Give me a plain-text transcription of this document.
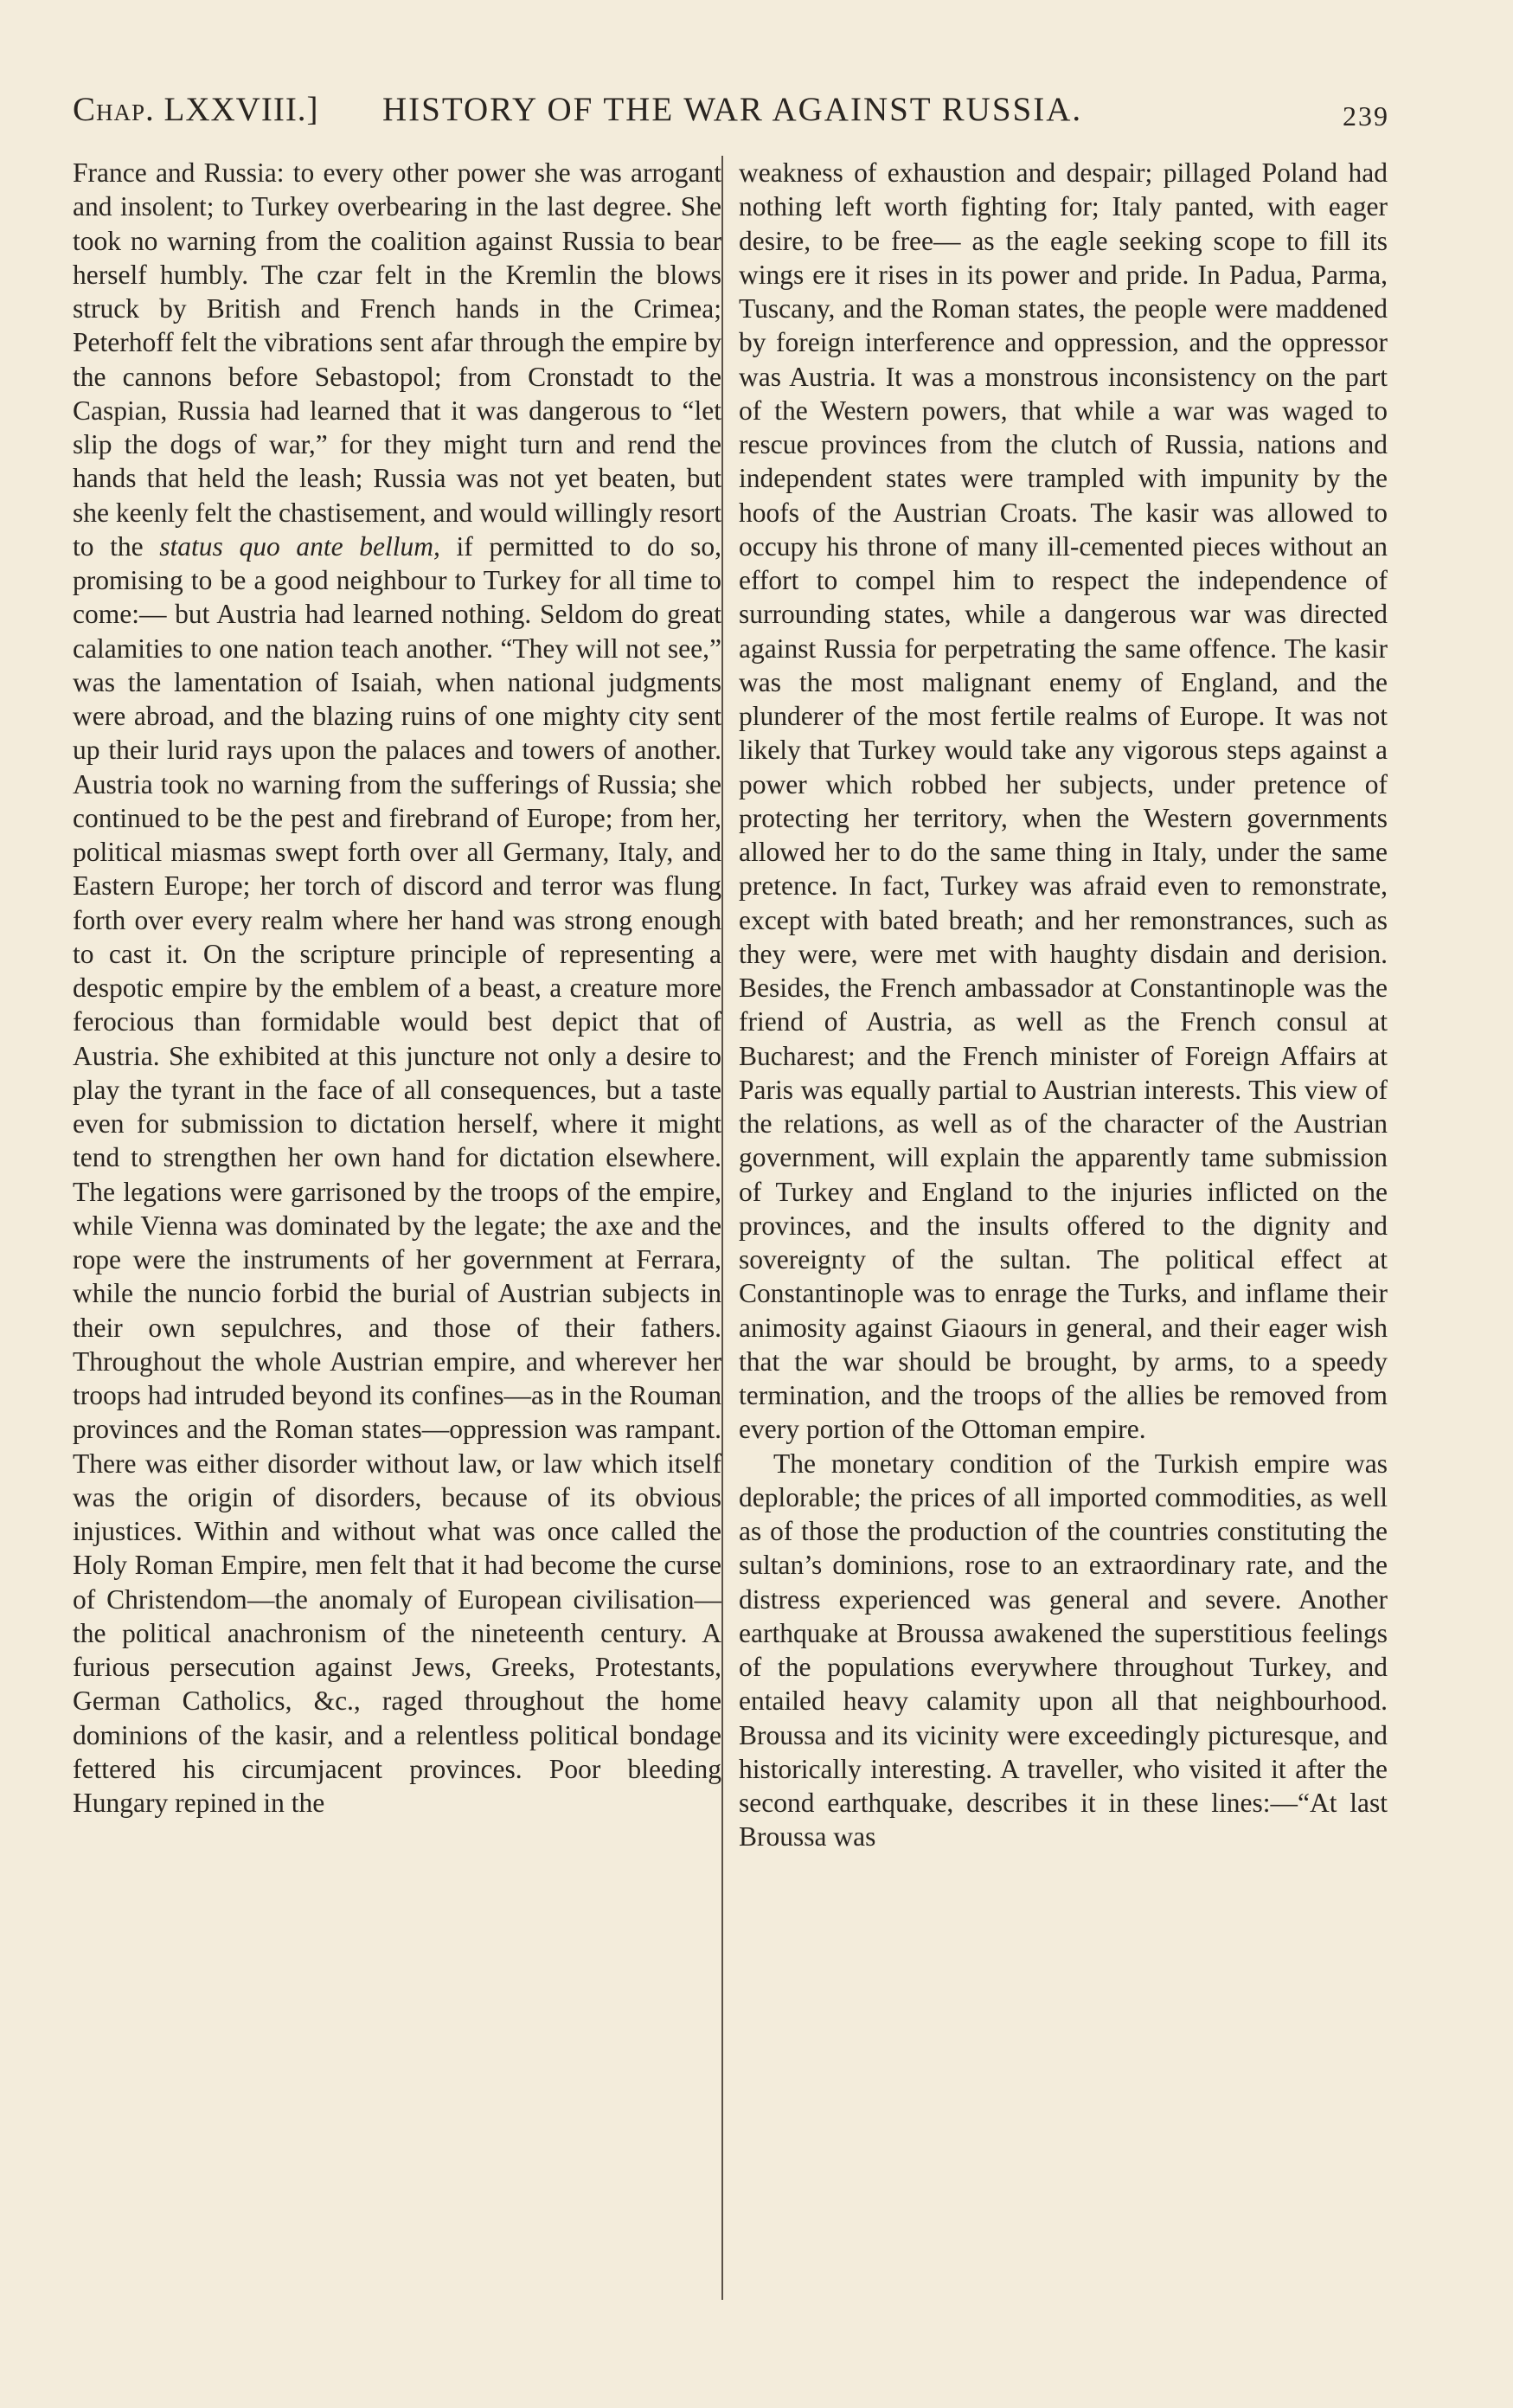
Chap. LXXVIII.] HISTORY OF THE WAR AGAINST RUSSIA.	239

France and Russia: to every other power she was arrogant and insolent; to Turkey overbearing in the last degree. She took no warning from the coalition against Russia to bear herself humbly. The czar felt in the Kremlin the blows struck by British and French hands in the Crimea; Peterhoff felt the vibrations sent afar through the empire by the cannons before Sebastopol; from Cronstadt to the Caspian, Russia had learned that it was dangerous to “let slip the dogs of war,” for they might turn and rend the hands that held the leash; Russia was not yet beaten, but she keenly felt the chastisement, and would willingly resort to the status quo ante bellum, if permitted to do so, promising to be a good neighbour to Turkey for all time to come:— but Austria had learned nothing. Seldom do great calamities to one nation teach another. “They will not see,” was the lamentation of Isaiah, when national judgments were abroad, and the blazing ruins of one mighty city sent up their lurid rays upon the palaces and towers of another. Austria took no warning from the sufferings of Russia; she continued to be the pest and firebrand of Europe; from her, political miasmas swept forth over all Germany, Italy, and Eastern Europe; her torch of discord and terror was flung forth over every realm where her hand was strong enough to cast it. On the scripture principle of representing a despotic empire by the emblem of a beast, a creature more ferocious than formidable would best depict that of Austria. She exhibited at this juncture not only a desire to play the tyrant in the face of all consequences, but a taste even for submission to dictation herself, where it might tend to strengthen her own hand for dictation elsewhere. The legations were garrisoned by the troops of the empire, while Vienna was dominated by the legate; the axe and the rope were the instruments of her government at Ferrara, while the nuncio forbid the burial of Austrian subjects in their own sepulchres, and those of their fathers. Throughout the whole Austrian empire, and wherever her troops had intruded beyond its confines—as in the Rouman provinces and the Roman states—oppression was rampant. There was either disorder without law, or law which itself was the origin of disorders, because of its obvious injustices. Within and without what was once called the Holy Roman Empire, men felt that it had become the curse of Christendom—the anomaly of European civilisation—the political anachronism of the nineteenth century. A furious persecution against Jews, Greeks, Protestants, German Catholics, &c., raged throughout the home dominions of the kasir, and a relentless political bondage fettered his circumjacent provinces. Poor bleeding Hungary repined in the

weakness of exhaustion and despair; pillaged Poland had nothing left worth fighting for; Italy panted, with eager desire, to be free— as the eagle seeking scope to fill its wings ere it rises in its power and pride. In Padua, Parma, Tuscany, and the Roman states, the people were maddened by foreign interference and oppression, and the oppressor was Austria. It was a monstrous inconsistency on the part of the Western powers, that while a war was waged to rescue provinces from the clutch of Russia, nations and independent states were trampled with impunity by the hoofs of the Austrian Croats. The kasir was allowed to occupy his throne of many ill-cemented pieces without an effort to compel him to respect the independence of surrounding states, while a dangerous war was directed against Russia for perpetrating the same offence. The kasir was the most malignant enemy of England, and the plunderer of the most fertile realms of Europe. It was not likely that Turkey would take any vigorous steps against a power which robbed her subjects, under pretence of protecting her territory, when the Western governments allowed her to do the same thing in Italy, under the same pretence. In fact, Turkey was afraid even to remonstrate, except with bated breath; and her remonstrances, such as they were, were met with haughty disdain and derision. Besides, the French ambassador at Constantinople was the friend of Austria, as well as the French consul at Bucharest; and the French minister of Foreign Affairs at Paris was equally partial to Austrian interests. This view of the relations, as well as of the character of the Austrian government, will explain the apparently tame submission of Turkey and England to the injuries inflicted on the provinces, and the insults offered to the dignity and sovereignty of the sultan. The political effect at Constantinople was to enrage the Turks, and inflame their animosity against Giaours in general, and their eager wish that the war should be brought, by arms, to a speedy termination, and the troops of the allies be removed from every portion of the Ottoman empire.

The monetary condition of the Turkish empire was deplorable; the prices of all imported commodities, as well as of those the production of the countries constituting the sultan’s dominions, rose to an extraordinary rate, and the distress experienced was general and severe. Another earthquake at Broussa awakened the superstitious feelings of the populations everywhere throughout Turkey, and entailed heavy calamity upon all that neighbourhood. Broussa and its vicinity were exceedingly picturesque, and historically interesting. A traveller, who visited it after the second earthquake, describes it in these lines:—“At last Broussa was
